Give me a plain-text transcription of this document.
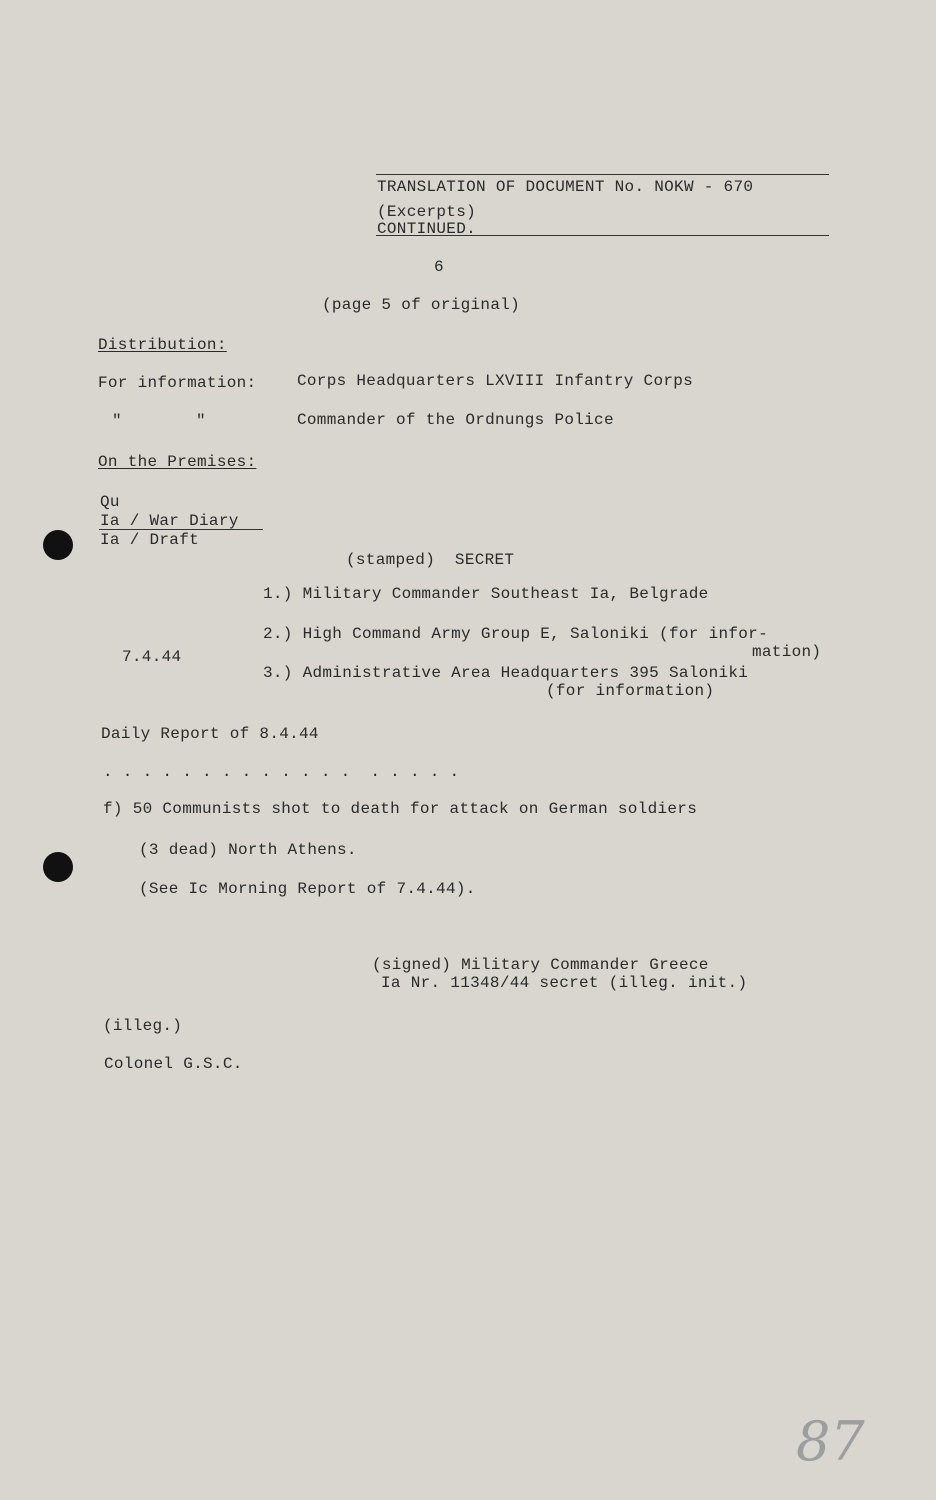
TRANSLATION OF DOCUMENT No. NOKW - 670
(Excerpts)
CONTINUED.
6
(page 5 of original)
Distribution:
For information:	Corps Headquarters LXVIII Infantry Corps
"	"	Commander of the Ordnungs Police
On the Premises:
Qu
Ia / War Diary
Ia / Draft
(stamped)  SECRET
1.) Military Commander Southeast Ia, Belgrade
2.) High Command Army Group E, Saloniki (for infor-
mation)
7.4.44
3.) Administrative Area Headquarters 395 Saloniki
(for information)
Daily Report of 8.4.44
. . . . . . . . . . . . .  . . . . .
f) 50 Communists shot to death for attack on German soldiers
(3 dead) North Athens.
(See Ic Morning Report of 7.4.44).
(signed) Military Commander Greece
Ia Nr. 11348/44 secret (illeg. init.)
(illeg.)
Colonel G.S.C.
87
